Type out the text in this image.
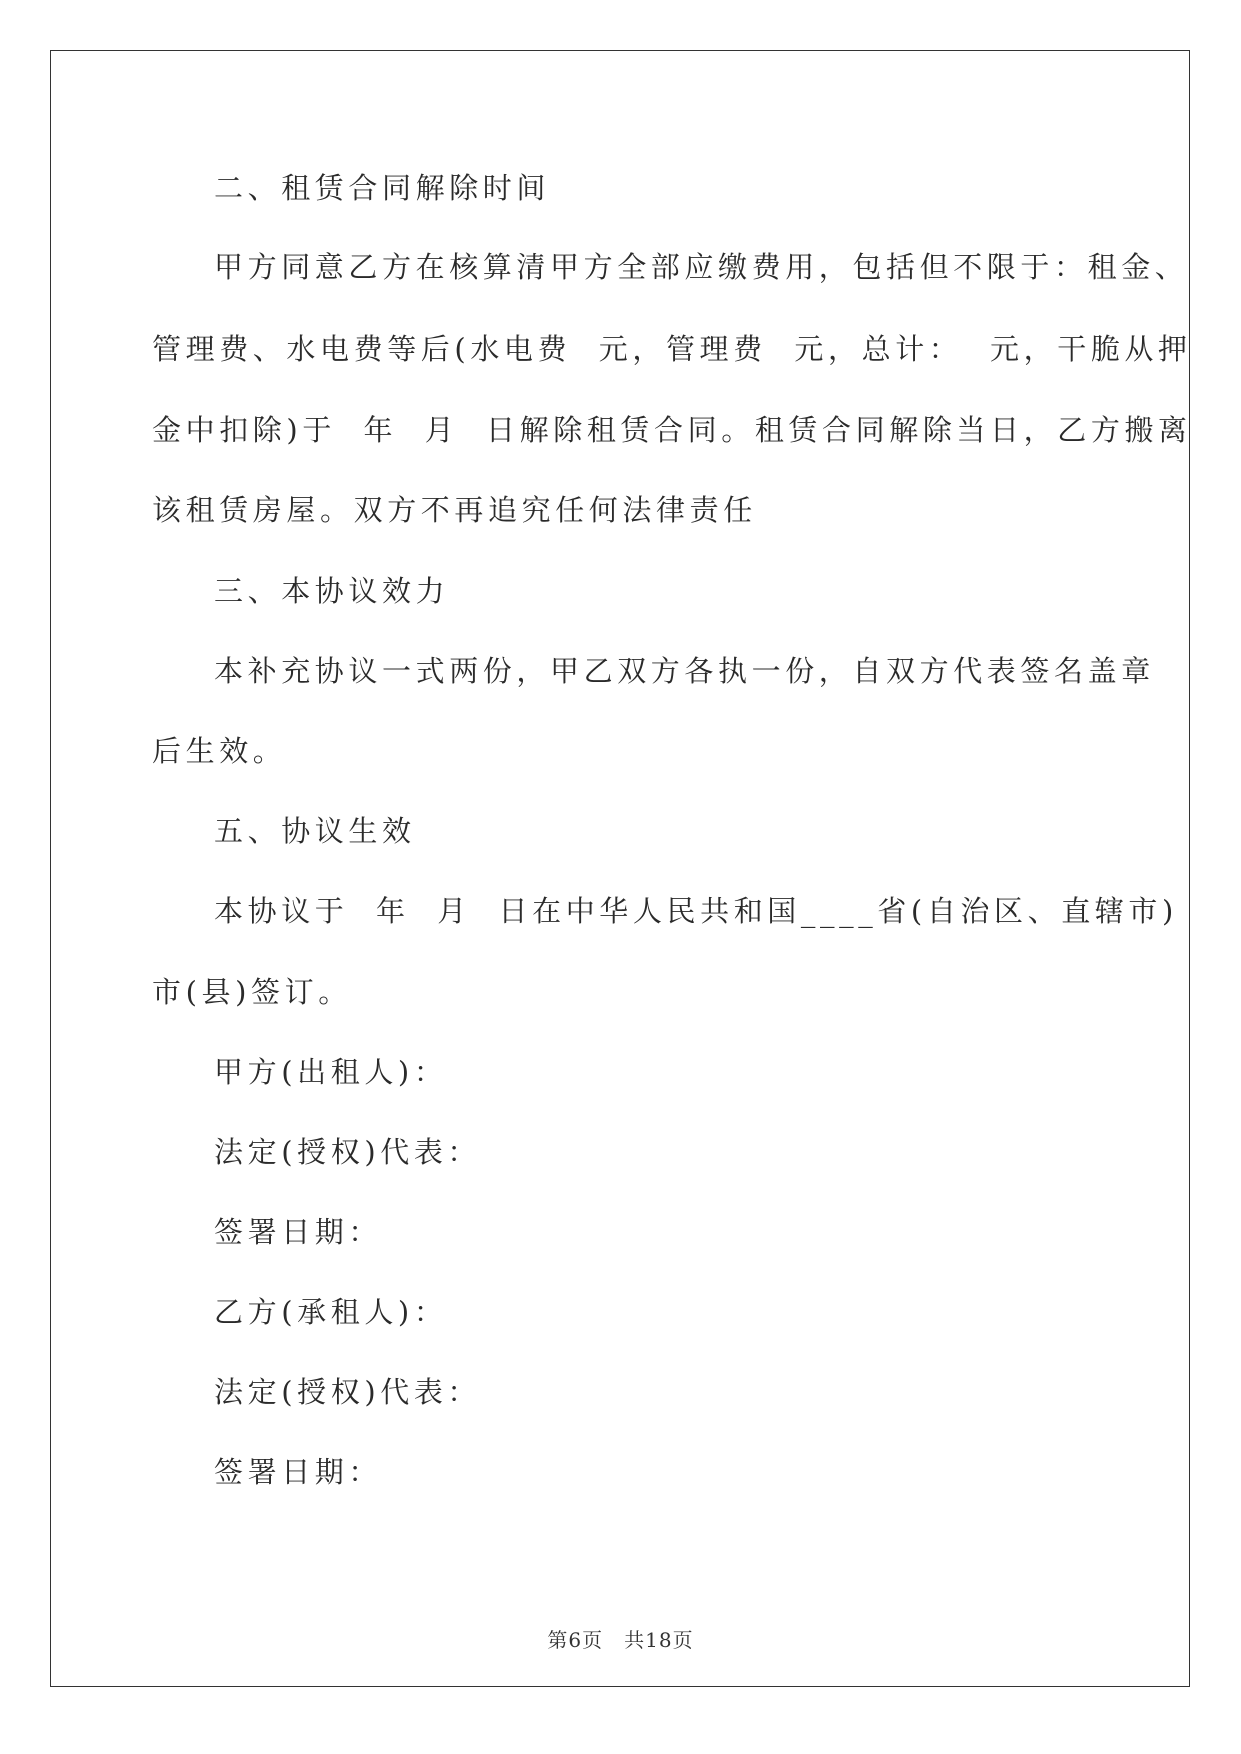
二、租赁合同解除时间
甲方同意乙方在核算清甲方全部应缴费用，包括但不限于：租金、
管理费、水电费等后(水电费  元，管理费  元，总计：  元，干脆从押
金中扣除)于  年  月  日解除租赁合同。租赁合同解除当日，乙方搬离
该租赁房屋。双方不再追究任何法律责任
三、本协议效力
本补充协议一式两份，甲乙双方各执一份，自双方代表签名盖章
后生效。
五、协议生效
本协议于  年  月  日在中华人民共和国____省(自治区、直辖市)
市(县)签订。
甲方(出租人)：
法定(授权)代表：
签署日期：
乙方(承租人)：
法定(授权)代表：
签署日期：
第6页　共18页
